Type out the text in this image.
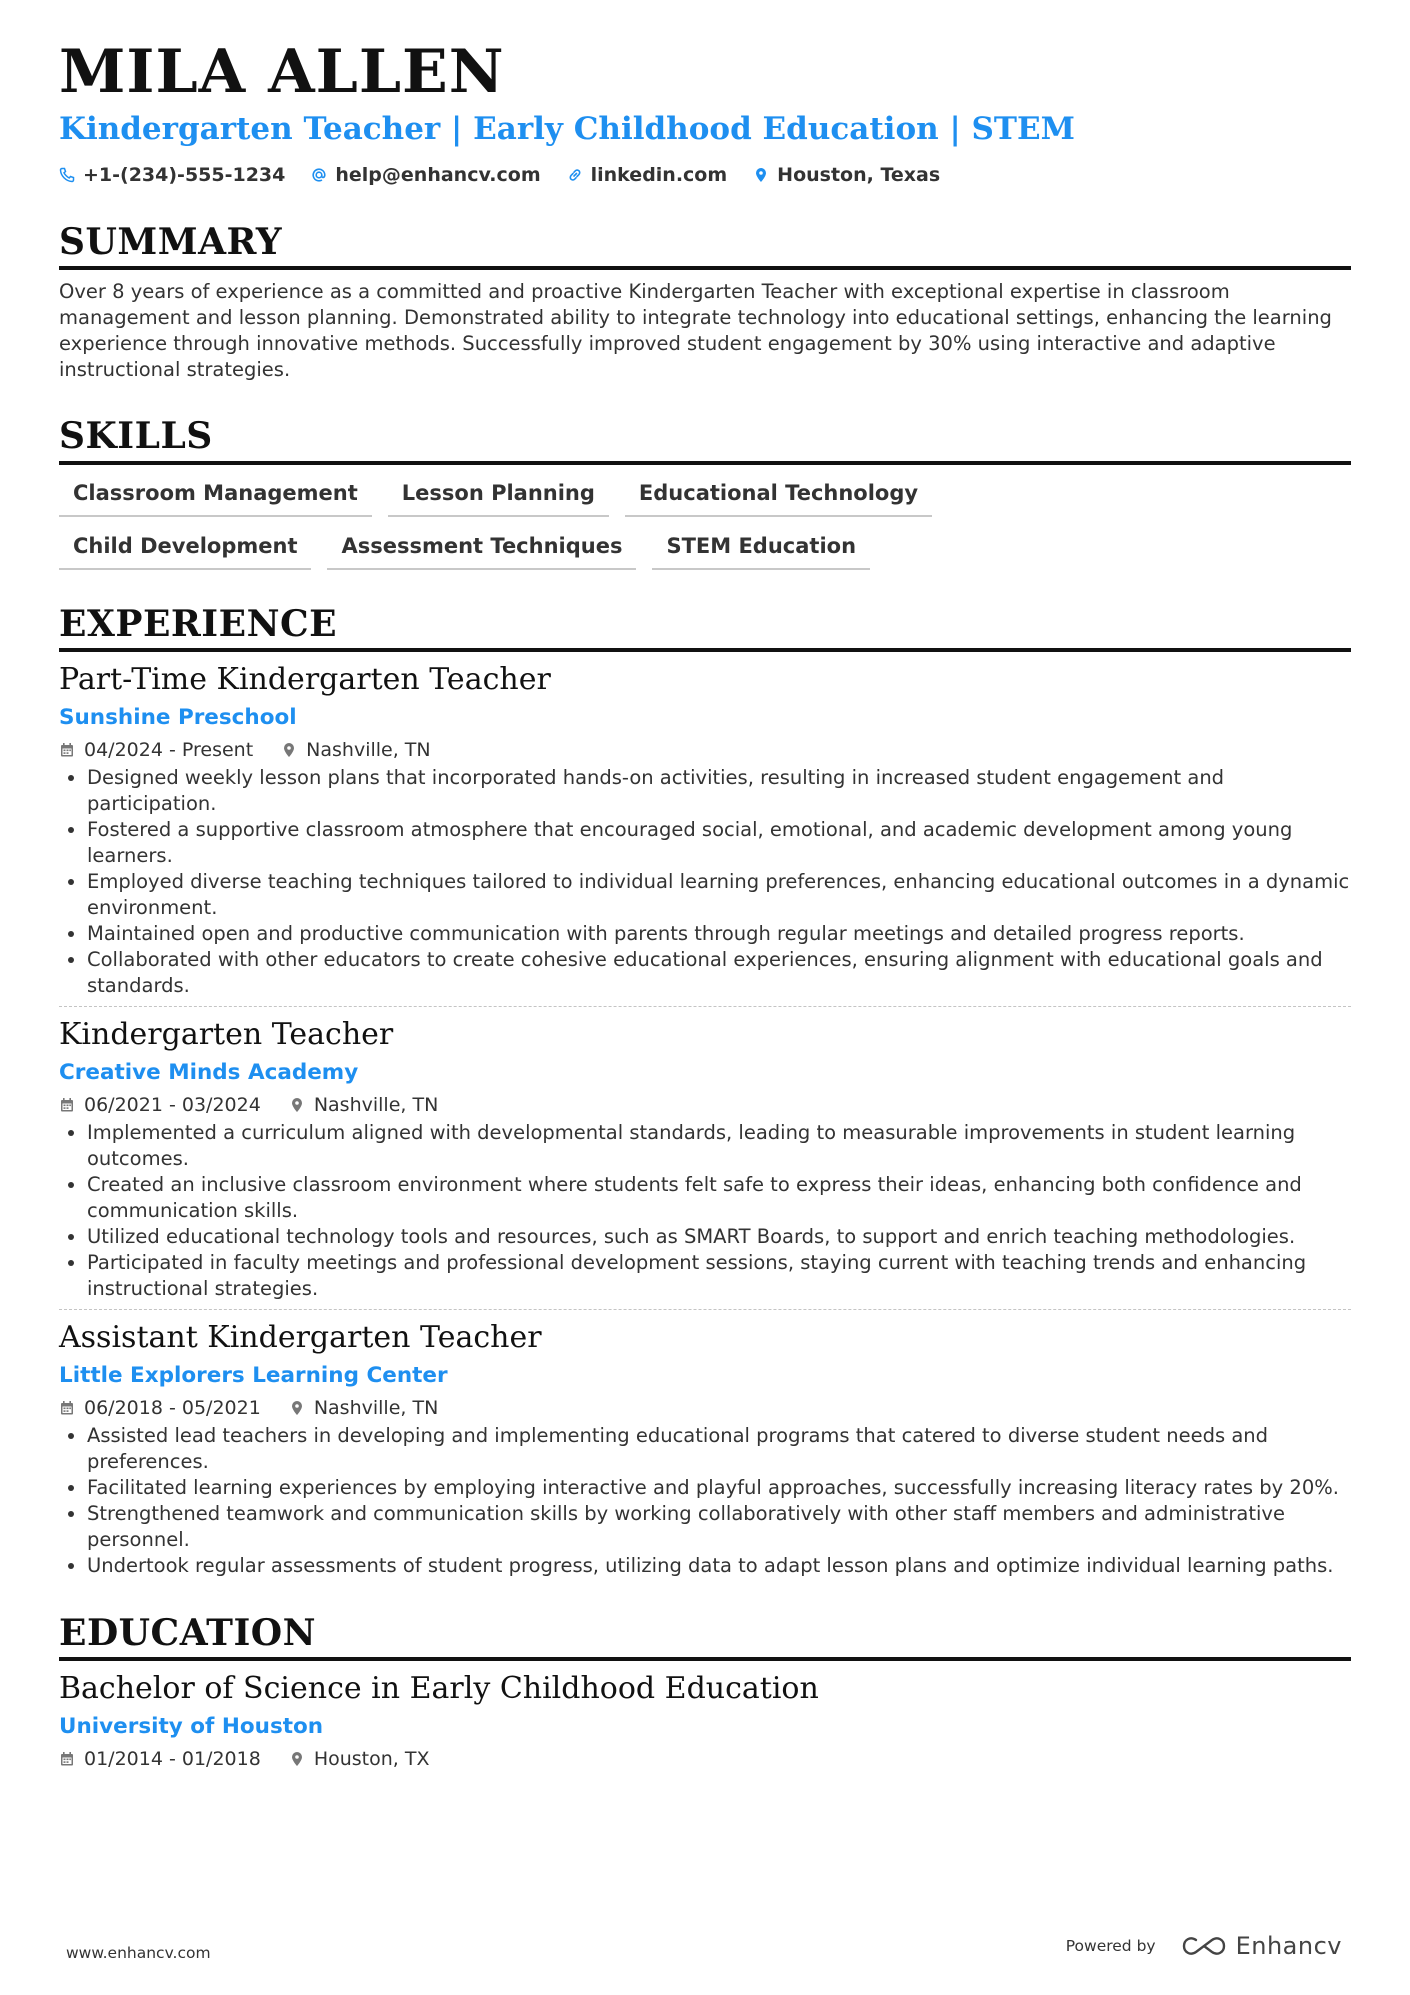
MILA ALLEN
Kindergarten Teacher | Early Childhood Education | STEM
+1-(234)-555-1234	help@enhancv.com	linkedin.com	Houston, Texas
SUMMARY
Over 8 years of experience as a committed and proactive Kindergarten Teacher with exceptional expertise in classroom management and lesson planning. Demonstrated ability to integrate technology into educational settings, enhancing the learning experience through innovative methods. Successfully improved student engagement by 30% using interactive and adaptive instructional strategies.
SKILLS
Classroom Management	Lesson Planning	Educational Technology
Child Development	Assessment Techniques	STEM Education
EXPERIENCE
Part-Time Kindergarten Teacher
Sunshine Preschool
04/2024 - Present	Nashville, TN
• Designed weekly lesson plans that incorporated hands-on activities, resulting in increased student engagement and participation.
• Fostered a supportive classroom atmosphere that encouraged social, emotional, and academic development among young learners.
• Employed diverse teaching techniques tailored to individual learning preferences, enhancing educational outcomes in a dynamic environment.
• Maintained open and productive communication with parents through regular meetings and detailed progress reports.
• Collaborated with other educators to create cohesive educational experiences, ensuring alignment with educational goals and standards.
Kindergarten Teacher
Creative Minds Academy
06/2021 - 03/2024	Nashville, TN
• Implemented a curriculum aligned with developmental standards, leading to measurable improvements in student learning outcomes.
• Created an inclusive classroom environment where students felt safe to express their ideas, enhancing both confidence and communication skills.
• Utilized educational technology tools and resources, such as SMART Boards, to support and enrich teaching methodologies.
• Participated in faculty meetings and professional development sessions, staying current with teaching trends and enhancing instructional strategies.
Assistant Kindergarten Teacher
Little Explorers Learning Center
06/2018 - 05/2021	Nashville, TN
• Assisted lead teachers in developing and implementing educational programs that catered to diverse student needs and preferences.
• Facilitated learning experiences by employing interactive and playful approaches, successfully increasing literacy rates by 20%.
• Strengthened teamwork and communication skills by working collaboratively with other staff members and administrative personnel.
• Undertook regular assessments of student progress, utilizing data to adapt lesson plans and optimize individual learning paths.
EDUCATION
Bachelor of Science in Early Childhood Education
University of Houston
01/2014 - 01/2018	Houston, TX
www.enhancv.com	Powered by	Enhancv
